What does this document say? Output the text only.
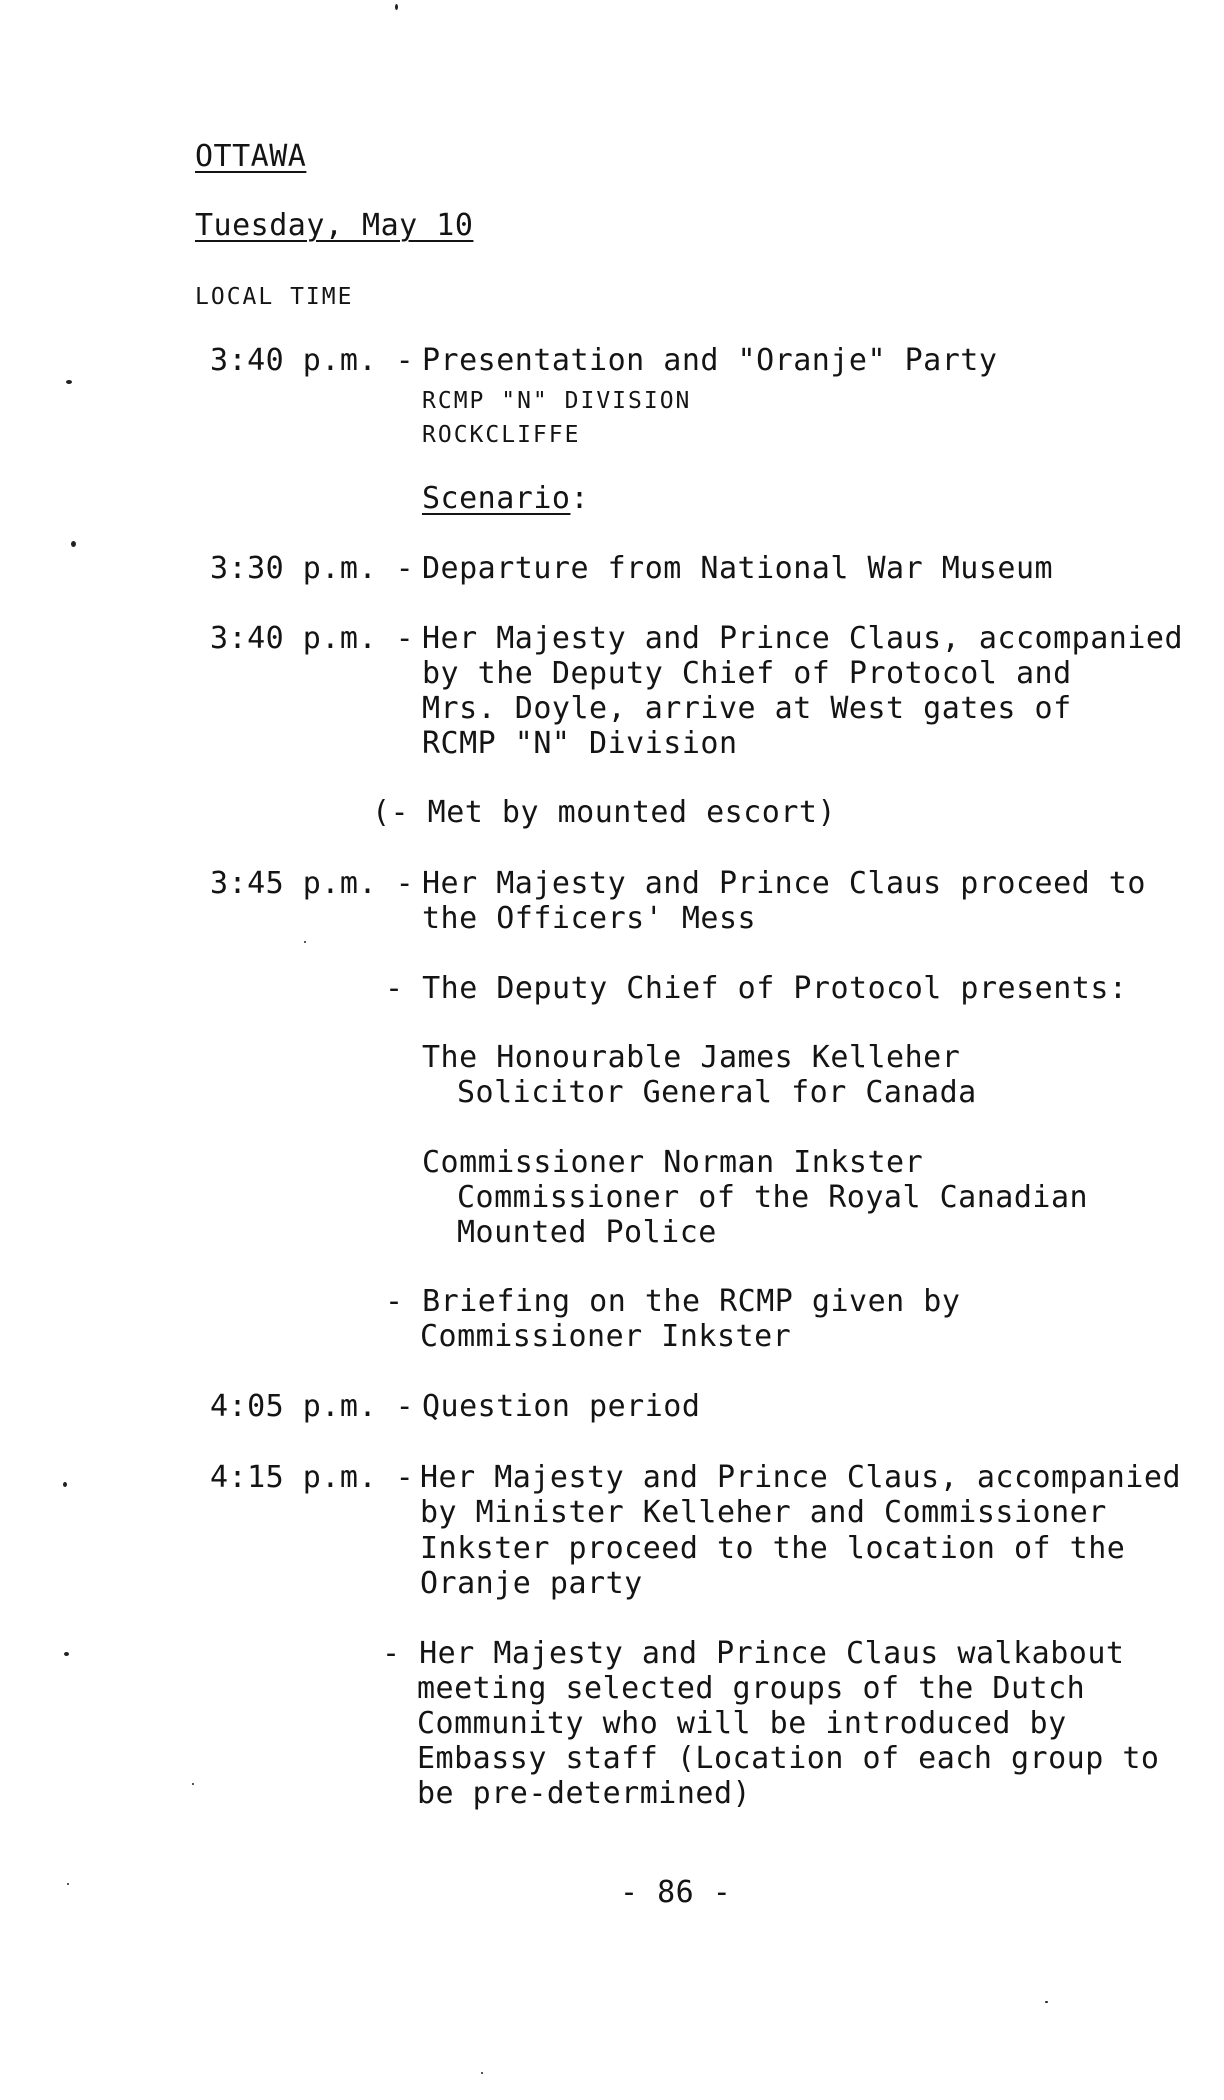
OTTAWA
Tuesday, May 10
LOCAL TIME
3:40 p.m. - Presentation and "Oranje" Party
RCMP "N" DIVISION
ROCKCLIFFE
Scenario:
3:30 p.m. - Departure from National War Museum
3:40 p.m. - Her Majesty and Prince Claus, accompanied
by the Deputy Chief of Protocol and
Mrs. Doyle, arrive at West gates of
RCMP "N" Division
(- Met by mounted escort)
3:45 p.m. - Her Majesty and Prince Claus proceed to
the Officers' Mess
- The Deputy Chief of Protocol presents:
The Honourable James Kelleher
Solicitor General for Canada
Commissioner Norman Inkster
Commissioner of the Royal Canadian
Mounted Police
- Briefing on the RCMP given by
Commissioner Inkster
4:05 p.m. - Question period
4:15 p.m. - Her Majesty and Prince Claus, accompanied
by Minister Kelleher and Commissioner
Inkster proceed to the location of the
Oranje party
- Her Majesty and Prince Claus walkabout
meeting selected groups of the Dutch
Community who will be introduced by
Embassy staff (Location of each group to
be pre-determined)
- 86 -
